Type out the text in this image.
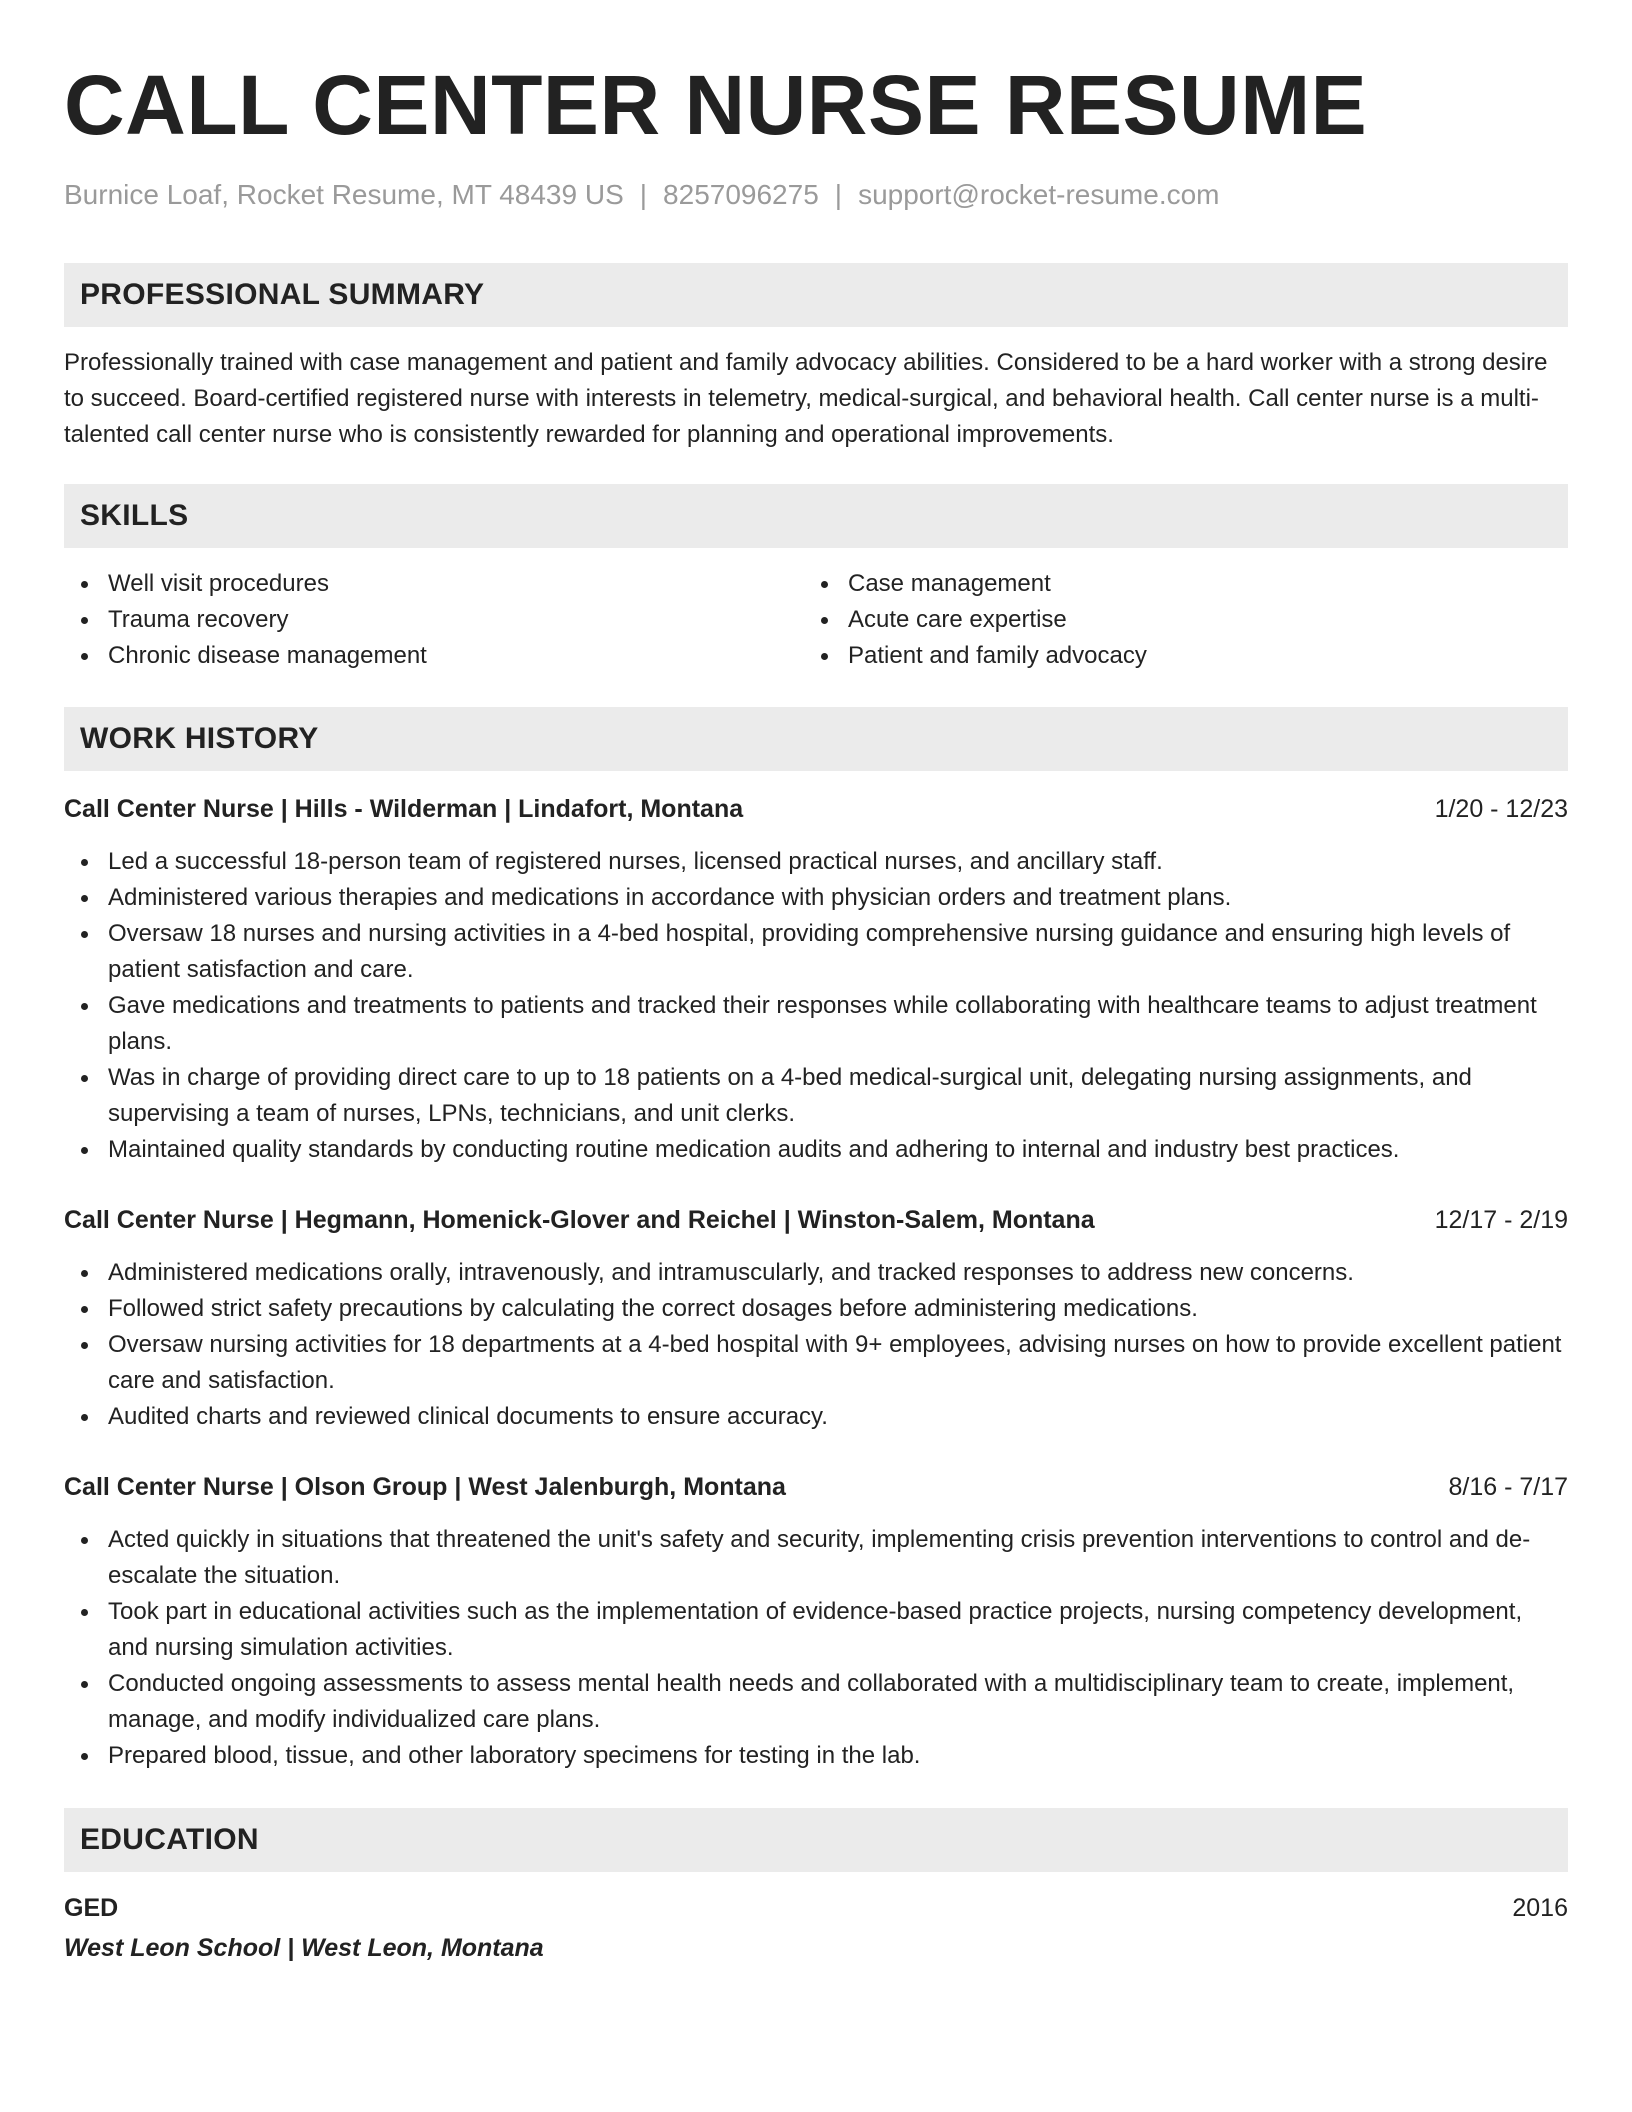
CALL CENTER NURSE RESUME
Burnice Loaf, Rocket Resume, MT 48439 US | 8257096275 | support@rocket-resume.com
PROFESSIONAL SUMMARY

Professionally trained with case management and patient and family advocacy abilities. Considered to be a hard worker with a strong desire to succeed. Board-certified registered nurse with interests in telemetry, medical-surgical, and behavioral health. Call center nurse is a multi-talented call center nurse who is consistently rewarded for planning and operational improvements.

SKILLS
Well visit procedures
Trauma recovery
Chronic disease management
Case management
Acute care expertise
Patient and family advocacy
WORK HISTORY
Call Center Nurse | Hills - Wilderman | Lindafort, Montana	1/20 - 12/23
Led a successful 18-person team of registered nurses, licensed practical nurses, and ancillary staff.
Administered various therapies and medications in accordance with physician orders and treatment plans.
Oversaw 18 nurses and nursing activities in a 4-bed hospital, providing comprehensive nursing guidance and ensuring high levels of patient satisfaction and care.
Gave medications and treatments to patients and tracked their responses while collaborating with healthcare teams to adjust treatment plans.
Was in charge of providing direct care to up to 18 patients on a 4-bed medical-surgical unit, delegating nursing assignments, and supervising a team of nurses, LPNs, technicians, and unit clerks.
Maintained quality standards by conducting routine medication audits and adhering to internal and industry best practices.
Call Center Nurse | Hegmann, Homenick-Glover and Reichel | Winston-Salem, Montana	12/17 - 2/19
Administered medications orally, intravenously, and intramuscularly, and tracked responses to address new concerns.
Followed strict safety precautions by calculating the correct dosages before administering medications.
Oversaw nursing activities for 18 departments at a 4-bed hospital with 9+ employees, advising nurses on how to provide excellent patient care and satisfaction.
Audited charts and reviewed clinical documents to ensure accuracy.
Call Center Nurse | Olson Group | West Jalenburgh, Montana	8/16 - 7/17
Acted quickly in situations that threatened the unit's safety and security, implementing crisis prevention interventions to control and de-escalate the situation.
Took part in educational activities such as the implementation of evidence-based practice projects, nursing competency development, and nursing simulation activities.
Conducted ongoing assessments to assess mental health needs and collaborated with a multidisciplinary team to create, implement, manage, and modify individualized care plans.
Prepared blood, tissue, and other laboratory specimens for testing in the lab.
EDUCATION
GED	2016
West Leon School | West Leon, Montana
